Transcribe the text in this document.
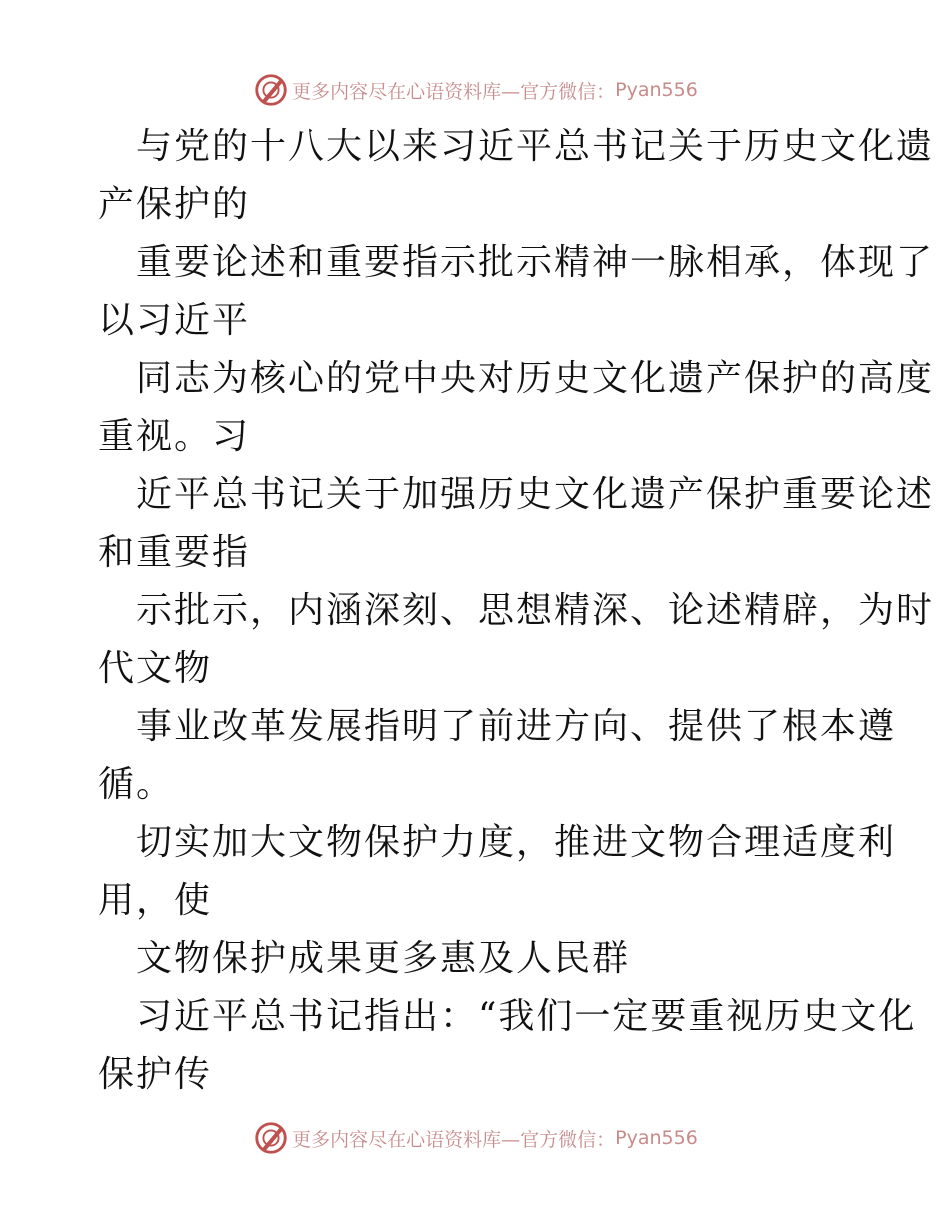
更多内容尽在心语资料库—官方微信： Pyan556
与党的十八大以来习近平总书记关于历史文化遗
产保护的
重要论述和重要指示批示精神一脉相承，体现了
以习近平
同志为核心的党中央对历史文化遗产保护的高度
重视。习
近平总书记关于加强历史文化遗产保护重要论述
和重要指
示批示，内涵深刻、思想精深、论述精辟，为时
代文物
事业改革发展指明了前进方向、提供了根本遵
循。
切实加大文物保护力度，推进文物合理适度利
用，使
文物保护成果更多惠及人民群
习近平总书记指出：“我们一定要重视历史文化
保护传
更多内容尽在心语资料库—官方微信： Pyan556
